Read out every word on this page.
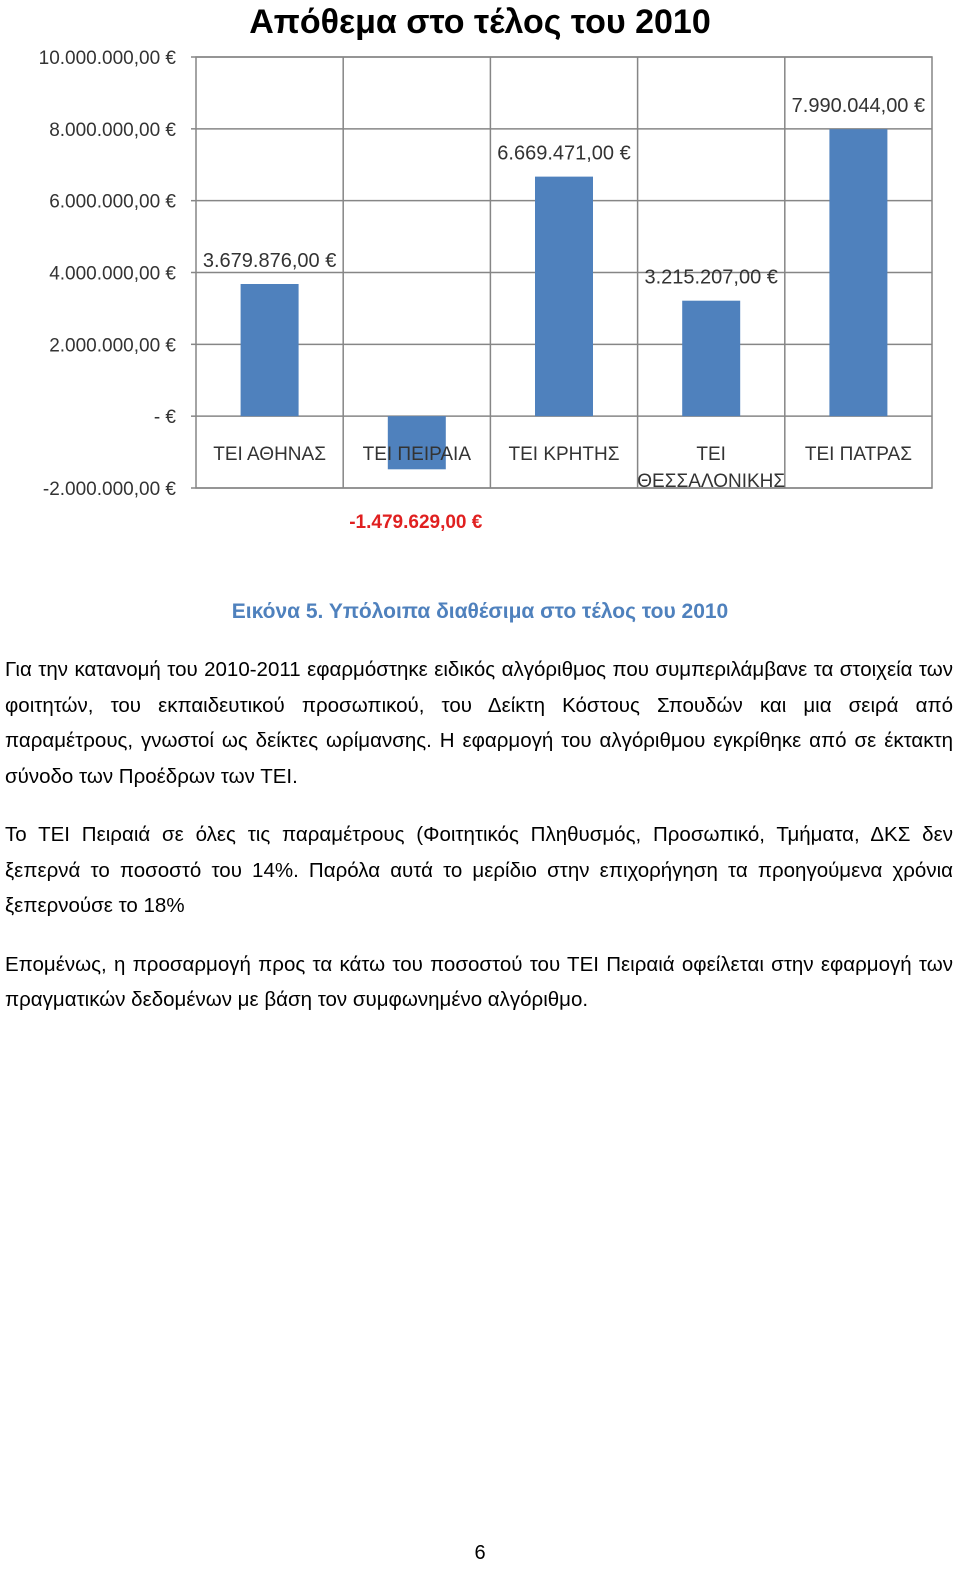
Απόθεμα στο τέλος του 2010
-2.000.000,00 €
- €
2.000.000,00 €
4.000.000,00 €
6.000.000,00 €
8.000.000,00 €
10.000.000,00 €
3.679.876,00 €
-1.479.629,00 €
6.669.471,00 €
3.215.207,00 €
7.990.044,00 €
ΤΕΙ ΑΘΗΝΑΣ ΤΕΙ ΠΕΙΡΑΙΑ ΤΕΙ ΚΡΗΤΗΣ	ΤΕΙ
ΘΕΣΣΑΛΟΝΙΚΗΣ
ΤΕΙ ΠΑΤΡΑΣ
Εικόνα 5. Υπόλοιπα διαθέσιμα στο τέλος του 2010

Για την κατανομή του 2010-2011 εφαρμόστηκε ειδικός αλγόριθμος που συμπεριλάμβανε τα στοιχεία των φοιτητών, του εκπαιδευτικού προσωπικού, του Δείκτη Κόστους Σπουδών και μια σειρά από παραμέτρους, γνωστοί ως δείκτες ωρίμανσης. Η εφαρμογή του αλγόριθμου εγκρίθηκε από σε έκτακτη σύνοδο των Προέδρων των ΤΕΙ.

Το ΤΕΙ Πειραιά σε όλες τις παραμέτρους (Φοιτητικός Πληθυσμός, Προσωπικό, Τμήματα, ΔΚΣ δεν ξεπερνά το ποσοστό του 14%. Παρόλα αυτά το μερίδιο στην επιχορήγηση τα προηγούμενα χρόνια ξεπερνούσε το 18%

Επομένως, η προσαρμογή προς τα κάτω του ποσοστού του ΤΕΙ Πειραιά οφείλεται στην εφαρμογή των πραγματικών δεδομένων με βάση τον συμφωνημένο αλγόριθμο.

6
